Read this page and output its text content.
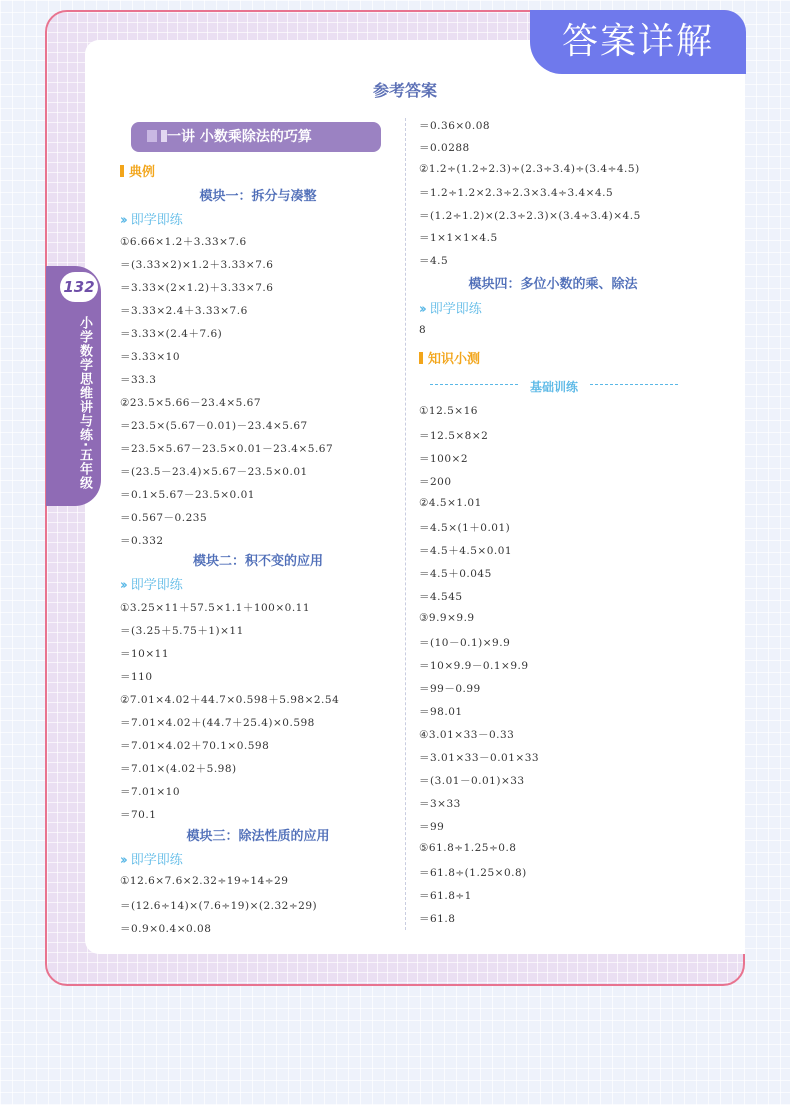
答案详解
132
小学数学思维讲与练·五年级
参考答案
一讲 小数乘除法的巧算
典例
模块一：拆分与凑整
›› 即学即练
①6.66×1.2＋3.33×7.6
＝(3.33×2)×1.2＋3.33×7.6
＝3.33×(2×1.2)＋3.33×7.6
＝3.33×2.4＋3.33×7.6
＝3.33×(2.4＋7.6)
＝3.33×10
＝33.3
②23.5×5.66－23.4×5.67
＝23.5×(5.67－0.01)－23.4×5.67
＝23.5×5.67－23.5×0.01－23.4×5.67
＝(23.5－23.4)×5.67－23.5×0.01
＝0.1×5.67－23.5×0.01
＝0.567－0.235
＝0.332
模块二：积不变的应用
›› 即学即练
①3.25×11＋57.5×1.1＋100×0.11
＝(3.25＋5.75＋1)×11
＝10×11
＝110
②7.01×4.02＋44.7×0.598＋5.98×2.54
＝7.01×4.02＋(44.7＋25.4)×0.598
＝7.01×4.02＋70.1×0.598
＝7.01×(4.02＋5.98)
＝7.01×10
＝70.1
模块三：除法性质的应用
›› 即学即练
①12.6×7.6×2.32÷19÷14÷29
＝(12.6÷14)×(7.6÷19)×(2.32÷29)
＝0.9×0.4×0.08
＝0.36×0.08
＝0.0288
②1.2÷(1.2÷2.3)÷(2.3÷3.4)÷(3.4÷4.5)
＝1.2÷1.2×2.3÷2.3×3.4÷3.4×4.5
＝(1.2÷1.2)×(2.3÷2.3)×(3.4÷3.4)×4.5
＝1×1×1×4.5
＝4.5
模块四：多位小数的乘、除法
›› 即学即练
8
知识小测
基础训练
①12.5×16
＝12.5×8×2
＝100×2
＝200
②4.5×1.01
＝4.5×(1＋0.01)
＝4.5＋4.5×0.01
＝4.5＋0.045
＝4.545
③9.9×9.9
＝(10－0.1)×9.9
＝10×9.9－0.1×9.9
＝99－0.99
＝98.01
④3.01×33－0.33
＝3.01×33－0.01×33
＝(3.01－0.01)×33
＝3×33
＝99
⑤61.8÷1.25÷0.8
＝61.8÷(1.25×0.8)
＝61.8÷1
＝61.8
